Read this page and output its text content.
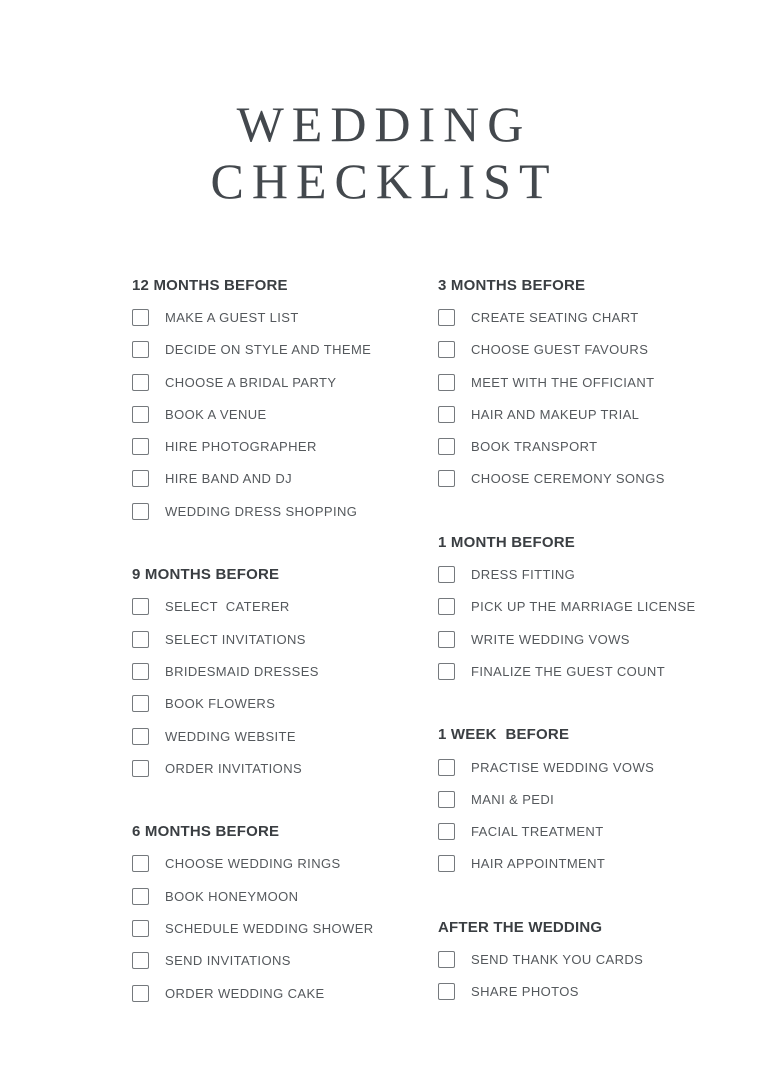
WEDDING
CHECKLIST
12 MONTHS BEFORE
MAKE A GUEST LIST
DECIDE ON STYLE AND THEME
CHOOSE A BRIDAL PARTY
BOOK A VENUE
HIRE PHOTOGRAPHER
HIRE BAND AND DJ
WEDDING DRESS SHOPPING
9 MONTHS BEFORE
SELECT  CATERER
SELECT INVITATIONS
BRIDESMAID DRESSES
BOOK FLOWERS
WEDDING WEBSITE
ORDER INVITATIONS
6 MONTHS BEFORE
CHOOSE WEDDING RINGS
BOOK HONEYMOON
SCHEDULE WEDDING SHOWER
SEND INVITATIONS
ORDER WEDDING CAKE
3 MONTHS BEFORE
CREATE SEATING CHART
CHOOSE GUEST FAVOURS
MEET WITH THE OFFICIANT
HAIR AND MAKEUP TRIAL
BOOK TRANSPORT
CHOOSE CEREMONY SONGS
1 MONTH BEFORE
DRESS FITTING
PICK UP THE MARRIAGE LICENSE
WRITE WEDDING VOWS
FINALIZE THE GUEST COUNT
1 WEEK  BEFORE
PRACTISE WEDDING VOWS
MANI & PEDI
FACIAL TREATMENT
HAIR APPOINTMENT
AFTER THE WEDDING
SEND THANK YOU CARDS
SHARE PHOTOS
